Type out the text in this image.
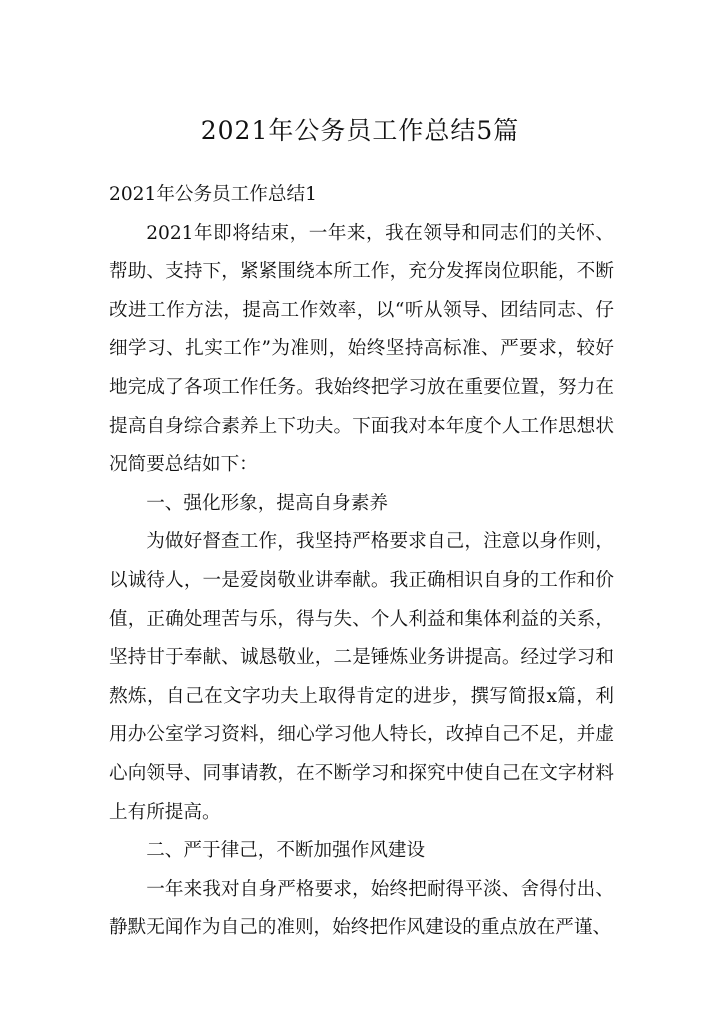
2021年公务员工作总结5篇

2021年公务员工作总结1

2021年即将结束，一年来，我在领导和同志们的关怀、帮助、支持下，紧紧围绕本所工作，充分发挥岗位职能，不断改进工作方法，提高工作效率，以“听从领导、团结同志、仔细学习、扎实工作”为准则，始终坚持高标准、严要求，较好地完成了各项工作任务。我始终把学习放在重要位置，努力在提高自身综合素养上下功夫。下面我对本年度个人工作思想状况简要总结如下：

一、强化形象，提高自身素养

为做好督查工作，我坚持严格要求自己，注意以身作则，以诚待人，一是爱岗敬业讲奉献。我正确相识自身的工作和价值，正确处理苦与乐，得与失、个人利益和集体利益的关系，坚持甘于奉献、诚恳敬业，二是锤炼业务讲提高。经过学习和熬炼，自己在文字功夫上取得肯定的进步，撰写简报x篇，利用办公室学习资料，细心学习他人特长，改掉自己不足，并虚心向领导、同事请教，在不断学习和探究中使自己在文字材料上有所提高。

二、严于律己，不断加强作风建设

一年来我对自身严格要求，始终把耐得平淡、舍得付出、静默无闻作为自己的准则，始终把作风建设的重点放在严谨、
